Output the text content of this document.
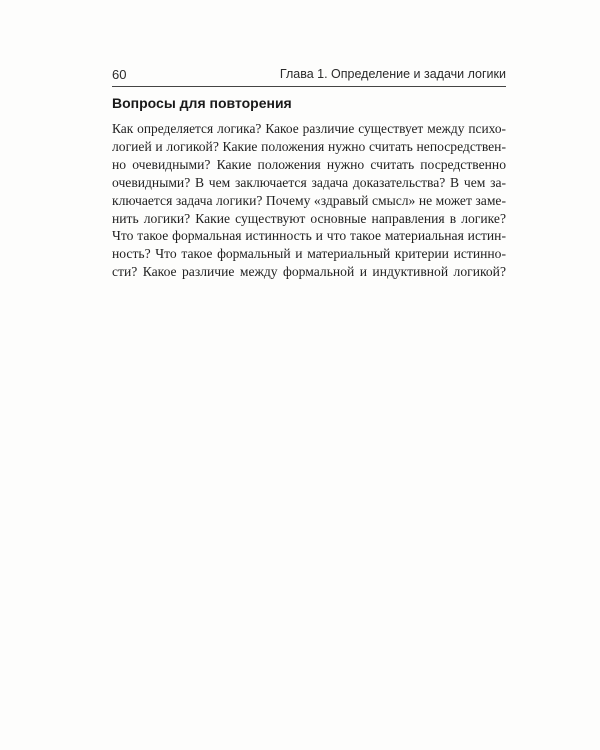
60	Глава 1. Определение и задачи логики
Вопросы для повторения
Как определяется логика? Какое различие существует между психо-
логией и логикой? Какие положения нужно считать непосредствен-
но очевидными? Какие положения нужно считать посредственно
очевидными? В чем заключается задача доказательства? В чем за-
ключается задача логики? Почему «здравый смысл» не может заме-
нить логики? Какие существуют основные направления в логике?
Что такое формальная истинность и что такое материальная истин-
ность? Что такое формальный и материальный критерии истинно-
сти? Какое различие между формальной и индуктивной логикой?
